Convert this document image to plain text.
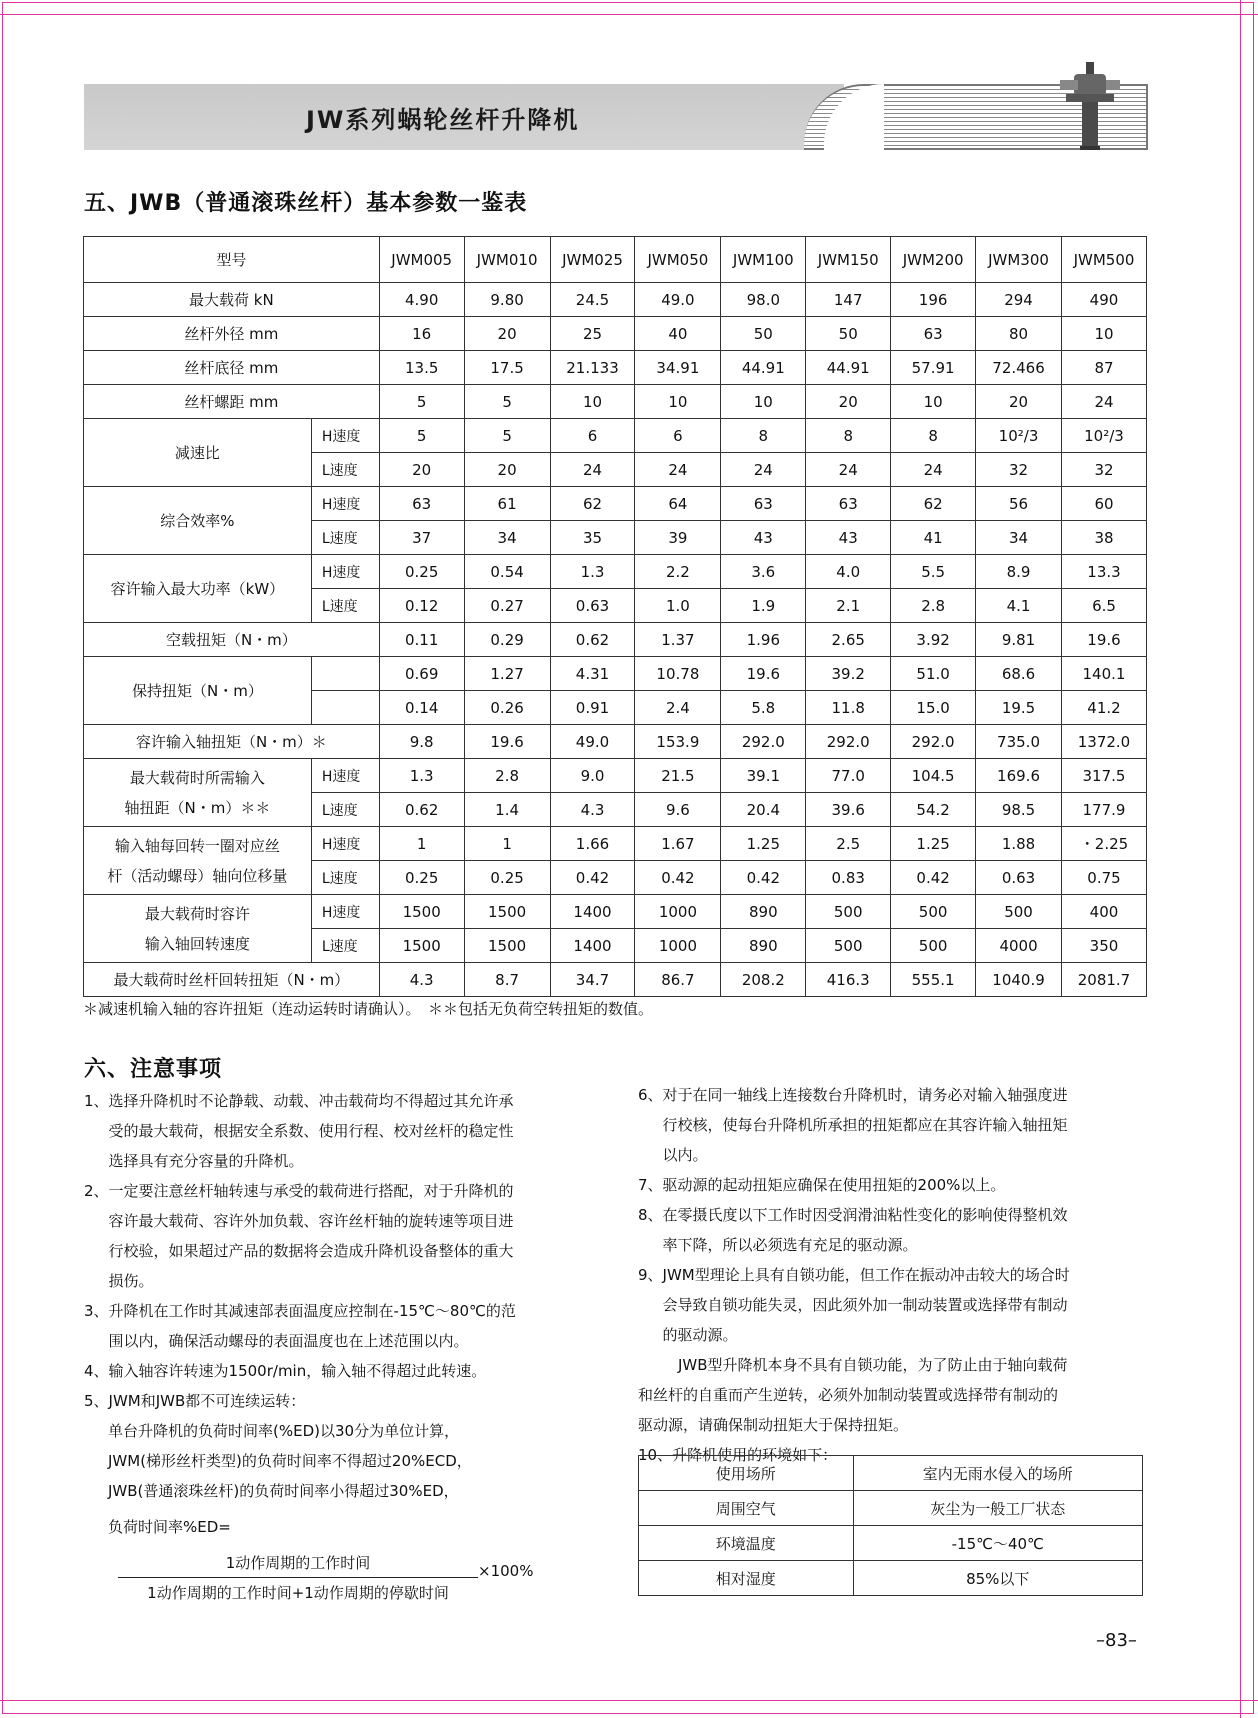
JW系列蜗轮丝杆升降机
五、JWB（普通滚珠丝杆）基本参数一鉴表
型号		JWM005	JWM010	JWM025	JWM050	JWM100	JWM150	JWM200	JWM300	JWM500
最大载荷 kN		4.90	9.80	24.5	49.0	98.0	147	196	294	490
丝杆外径 mm		16	20	25	40	50	50	63	80	10
丝杆底径 mm		13.5	17.5	21.133	34.91	44.91	44.91	57.91	72.466	87
丝杆螺距 mm		5	5	10	10	10	20	10	20	24
减速比	H速度	5	5	6	6	8	8	8	10²/3	10²/3
	L速度	20	20	24	24	24	24	24	32	32
综合效率%	H速度	63	61	62	64	63	63	62	56	60
	L速度	37	34	35	39	43	43	41	34	38
容许输入最大功率（kW）	H速度	0.25	0.54	1.3	2.2	3.6	4.0	5.5	8.9	13.3
	L速度	0.12	0.27	0.63	1.0	1.9	2.1	2.8	4.1	6.5
空载扭矩（N・m）		0.11	0.29	0.62	1.37	1.96	2.65	3.92	9.81	19.6
保持扭矩（N・m）		0.69	1.27	4.31	10.78	19.6	39.2	51.0	68.6	140.1
		0.14	0.26	0.91	2.4	5.8	11.8	15.0	19.5	41.2
容许输入轴扭矩（N・m）＊		9.8	19.6	49.0	153.9	292.0	292.0	292.0	735.0	1372.0
最大载荷时所需输入
轴扭距（N・m）＊＊	H速度	1.3	2.8	9.0	21.5	39.1	77.0	104.5	169.6	317.5
	L速度	0.62	1.4	4.3	9.6	20.4	39.6	54.2	98.5	177.9
输入轴每回转一圈对应丝
杆（活动螺母）轴向位移量	H速度	1	1	1.66	1.67	1.25	2.5	1.25	1.88	・2.25
	L速度	0.25	0.25	0.42	0.42	0.42	0.83	0.42	0.63	0.75
最大载荷时容许
输入轴回转速度	H速度	1500	1500	1400	1000	890	500	500	500	400
	L速度	1500	1500	1400	1000	890	500	500	4000	350
最大载荷时丝杆回转扭矩（N・m）		4.3	8.7	34.7	86.7	208.2	416.3	555.1	1040.9	2081.7
＊减速机输入轴的容许扭矩（连动运转时请确认）。　＊＊包括无负荷空转扭矩的数值。
六、注意事项
1、 选择升降机时不论静载、动载、冲击载荷均不得超过其允许承
受的最大载荷，根据安全系数、使用行程、校对丝杆的稳定性
选择具有充分容量的升降机。
2、 一定要注意丝杆轴转速与承受的载荷进行搭配，对于升降机的
容许最大载荷、容许外加负载、容许丝杆轴的旋转速等项目进
行校验，如果超过产品的数据将会造成升降机设备整体的重大
损伤。
3、 升降机在工作时其减速部表面温度应控制在-15℃～80℃的范
围以内，确保活动螺母的表面温度也在上述范围以内。
4、 输入轴容许转速为1500r/min，输入轴不得超过此转速。
5、 JWM和JWB都不可连续运转：
单台升降机的负荷时间率(%ED)以30分为单位计算，
JWM(梯形丝杆类型)的负荷时间率不得超过20%ECD，
JWB(普通滚珠丝杆)的负荷时间率小得超过30%ED，
负荷时间率%ED=
1动作周期的工作时间
1动作周期的工作时间+1动作周期的停歇时间
×100%
6、 对于在同一轴线上连接数台升降机时，请务必对输入轴强度进
行校核，使每台升降机所承担的扭矩都应在其容许输入轴扭矩
以内。
7、 驱动源的起动扭矩应确保在使用扭矩的200%以上。
8、 在零摄氏度以下工作时因受润滑油粘性变化的影响使得整机效
率下降，所以必须选有充足的驱动源。
9、 JWM型理论上具有自锁功能，但工作在振动冲击较大的场合时
会导致自锁功能失灵，因此须外加一制动装置或选择带有制动
的驱动源。
JWB型升降机本身不具有自锁功能，为了防止由于轴向载荷
和丝杆的自重而产生逆转，必须外加制动装置或选择带有制动的
驱动源，请确保制动扭矩大于保持扭矩。
10、升降机使用的环境如下：
使用场所	室内无雨水侵入的场所
周围空气	灰尘为一般工厂状态
环境温度	-15℃～40℃
相对湿度	85%以下
–83–
